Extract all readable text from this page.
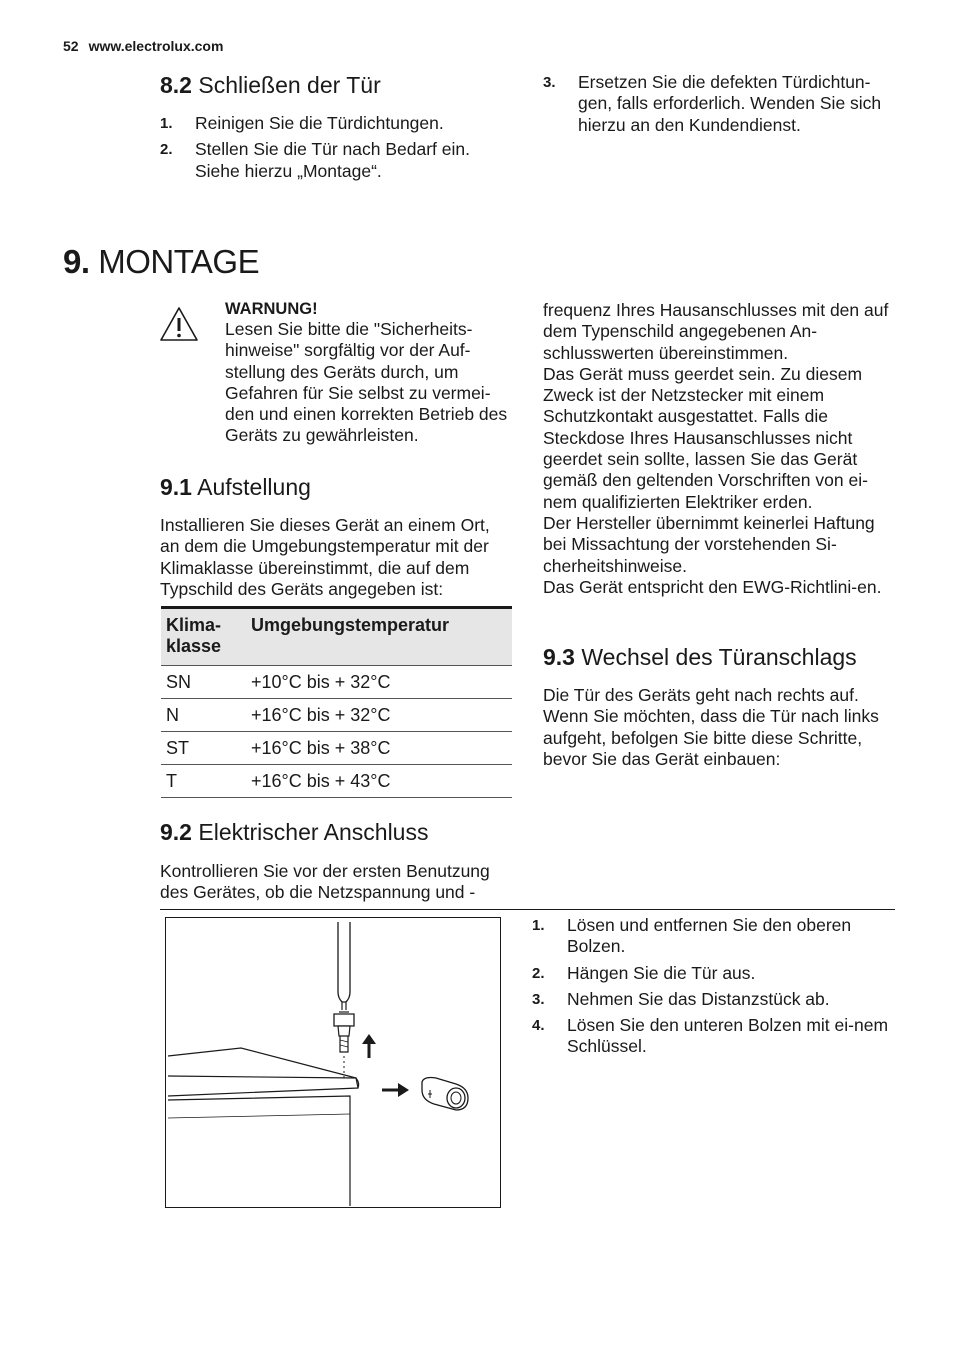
52 www.electrolux.com
8.2 Schließen der Tür
1. Reinigen Sie die Türdichtungen.
2. Stellen Sie die Tür nach Bedarf ein. Siehe hierzu „Montage“.
3. Ersetzen Sie die defekten Türdichtun-gen, falls erforderlich. Wenden Sie sich hierzu an den Kundendienst.
9. MONTAGE
WARNUNG!

Lesen Sie bitte die "Sicherheits-hinweise" sorgfältig vor der Auf-stellung des Geräts durch, um Gefahren für Sie selbst zu vermei-den und einen korrekten Betrieb des Geräts zu gewährleisten.

9.1 Aufstellung

Installieren Sie dieses Gerät an einem Ort, an dem die Umgebungstemperatur mit der Klimaklasse übereinstimmt, die auf dem Typschild des Geräts angegeben ist:

Klima-klasse	Umgebungstemperatur
SN	+10°C bis + 32°C
N	+16°C bis + 32°C
ST	+16°C bis + 38°C
T	+16°C bis + 43°C
9.2 Elektrischer Anschluss

Kontrollieren Sie vor der ersten Benutzung des Gerätes, ob die Netzspannung und -

frequenz Ihres Hausanschlusses mit den auf dem Typenschild angegebenen An-schlusswerten übereinstimmen.

Das Gerät muss geerdet sein. Zu diesem Zweck ist der Netzstecker mit einem Schutzkontakt ausgestattet. Falls die Steckdose Ihres Hausanschlusses nicht geerdet sein sollte, lassen Sie das Gerät gemäß den geltenden Vorschriften von ei-nem qualifizierten Elektriker erden.

Der Hersteller übernimmt keinerlei Haftung bei Missachtung der vorstehenden Si-cherheitshinweise.

Das Gerät entspricht den EWG-Richtlini-en.

9.3 Wechsel des Türanschlags

Die Tür des Geräts geht nach rechts auf. Wenn Sie möchten, dass die Tür nach links aufgeht, befolgen Sie bitte diese Schritte, bevor Sie das Gerät einbauen:

1. Lösen und entfernen Sie den oberen Bolzen.
2. Hängen Sie die Tür aus.
3. Nehmen Sie das Distanzstück ab.
4. Lösen Sie den unteren Bolzen mit ei-nem Schlüssel.
